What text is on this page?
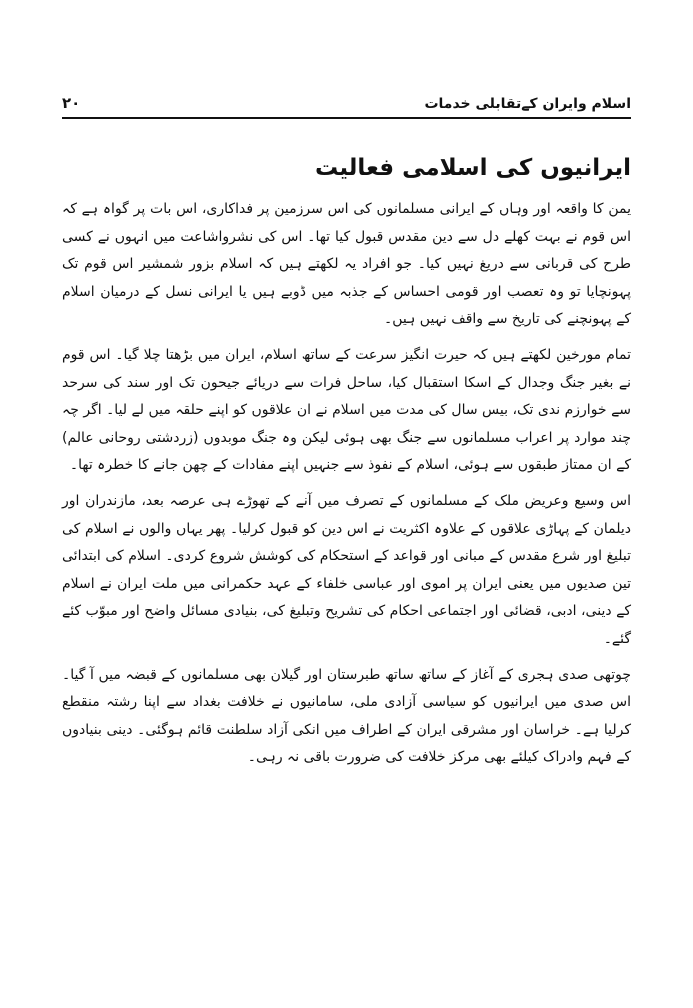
اسلام وایران کےتقابلی خدمات
۲۰
ایرانیوں کی اسلامی فعالیت

یمن کا واقعہ اور وہاں کے ایرانی مسلمانوں کی اس سرزمین پر فداکاری، اس بات پر گواہ ہے کہ اس قوم نے بہت کھلے دل سے دین مقدس قبول کیا تھا۔ اس کی نشرواشاعت میں انہوں نے کسی طرح کی قربانی سے دریغ نہیں کیا۔ جو افراد یہ لکھتے ہیں کہ اسلام بزور شمشیر اس قوم تک پہونچایا تو وہ تعصب اور قومی احساس کے جذبہ میں ڈوبے ہیں یا ایرانی نسل کے درمیان اسلام کے پہونچنے کی تاریخ سے واقف نہیں ہیں۔

تمام مورخین لکھتے ہیں کہ حیرت انگیز سرعت کے ساتھ اسلام، ایران میں بڑھتا چلا گیا۔ اس قوم نے بغیر جنگ وجدال کے اسکا استقبال کیا، ساحل فرات سے دریائے جیحون تک اور سند کی سرحد سے خوارزم ندی تک، بیس سال کی مدت میں اسلام نے ان علاقوں کو اپنے حلقہ میں لے لیا۔ اگر چہ چند موارد پر اعراب مسلمانوں سے جنگ بھی ہوئی لیکن وہ جنگ موبدوں (زردشتی روحانی عالم) کے ان ممتاز طبقوں سے ہوئی، اسلام کے نفوذ سے جنہیں اپنے مفادات کے چھن جانے کا خطرہ تھا۔

اس وسیع وعریض ملک کے مسلمانوں کے تصرف میں آنے کے تھوڑے ہی عرصہ بعد، مازندران اور دیلمان کے پہاڑی علاقوں کے علاوہ اکثریت نے اس دین کو قبول کرلیا۔ پھر یہاں والوں نے اسلام کی تبلیغ اور شرع مقدس کے مبانی اور قواعد کے استحکام کی کوشش شروع کردی۔ اسلام کی ابتدائی تین صدیوں میں یعنی ایران پر اموی اور عباسی خلفاء کے عہد حکمرانی میں ملت ایران نے اسلام کے دینی، ادبی، قضائی اور اجتماعی احکام کی تشریح وتبلیغ کی، بنیادی مسائل واضح اور مبوّب کئے گئے۔

چوتھی صدی ہجری کے آغاز کے ساتھ ساتھ طبرستان اور گیلان بھی مسلمانوں کے قبضہ میں آ گیا۔ اس صدی میں ایرانیوں کو سیاسی آزادی ملی، سامانیوں نے خلافت بغداد سے اپنا رشتہ منقطع کرلیا ہے۔ خراسان اور مشرقی ایران کے اطراف میں انکی آزاد سلطنت قائم ہوگئی۔ دینی بنیادوں کے فہم وادراک کیلئے بھی مرکز خلافت کی ضرورت باقی نہ رہی۔
